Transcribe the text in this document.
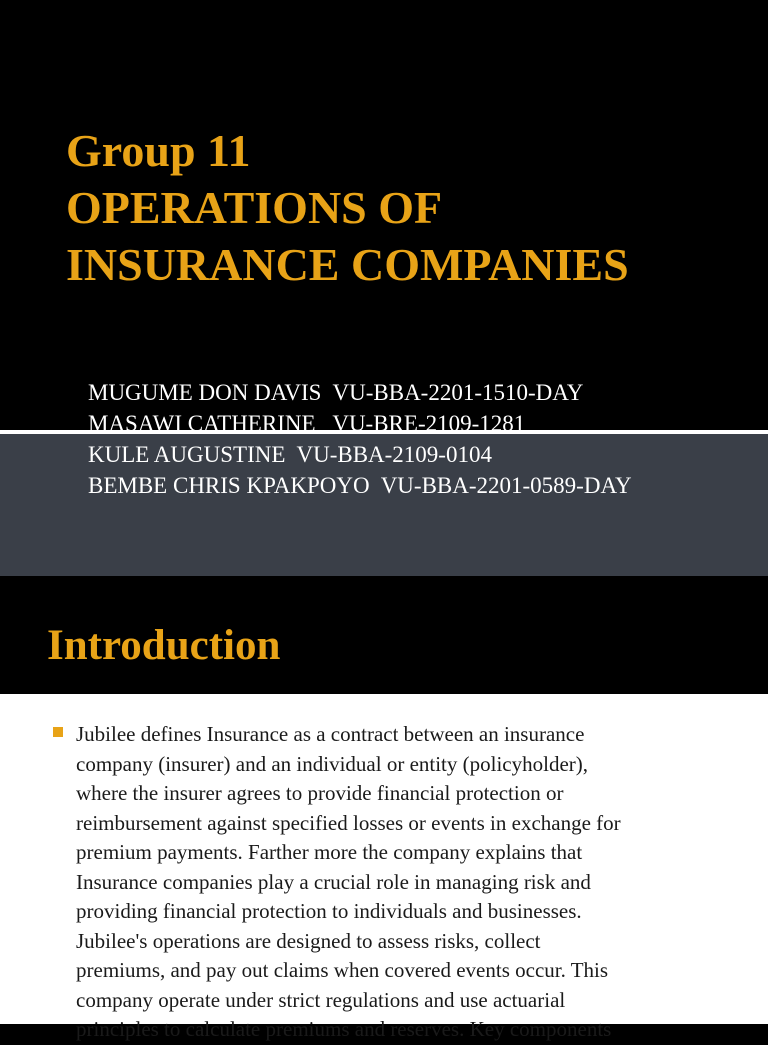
Group 11
OPERATIONS OF
INSURANCE COMPANIES
MUGUME DON DAVIS  VU-BBA-2201-1510-DAY
MASAWI CATHERINE   VU-BRE-2109-1281
KULE AUGUSTINE  VU-BBA-2109-0104
BEMBE CHRIS KPAKPOYO  VU-BBA-2201-0589-DAY
Introduction
Jubilee defines Insurance as a contract between an insurance
company (insurer) and an individual or entity (policyholder),
where the insurer agrees to provide financial protection or
reimbursement against specified losses or events in exchange for
premium payments. Farther more the company explains that
Insurance companies play a crucial role in managing risk and
providing financial protection to individuals and businesses.
Jubilee's operations are designed to assess risks, collect
premiums, and pay out claims when covered events occur. This
company operate under strict regulations and use actuarial
principles to calculate premiums and reserves. Key components
